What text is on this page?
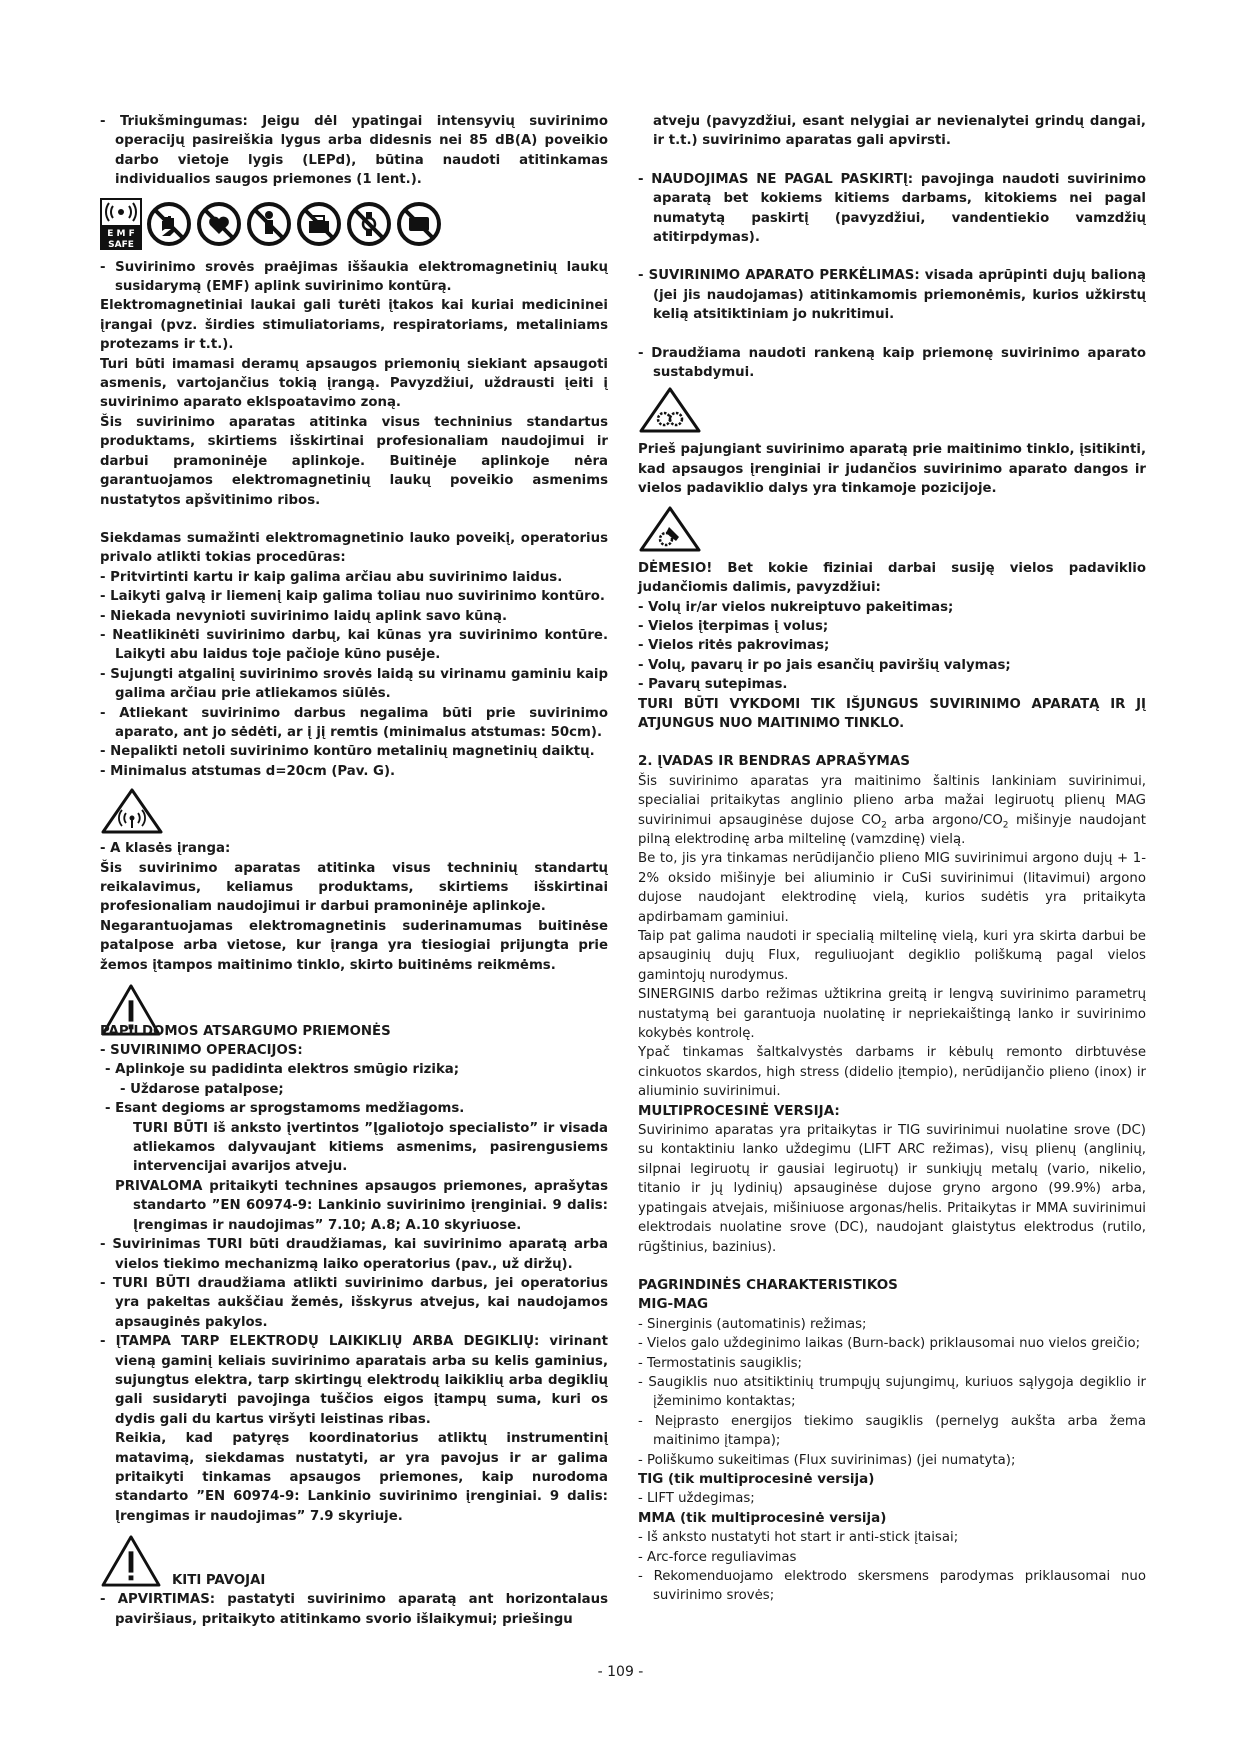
- Triukšmingumas: Jeigu dėl ypatingai intensyvių suvirinimo operacijų pasireiškia lygus arba didesnis nei 85 dB(A) poveikio darbo vietoje lygis (LEPd), būtina naudoti atitinkamas individualios saugos priemones (1 lent.).

E M F
SAFE

- Suvirinimo srovės praėjimas iššaukia elektromagnetinių laukų susidarymą (EMF) aplink suvirinimo kontūrą.

Elektromagnetiniai laukai gali turėti įtakos kai kuriai medicininei įrangai (pvz. širdies stimuliatoriams, respiratoriams, metaliniams protezams ir t.t.).

Turi būti imamasi deramų apsaugos priemonių siekiant apsaugoti asmenis, vartojančius tokią įrangą. Pavyzdžiui, uždrausti įeiti į suvirinimo aparato eklspoatavimo zoną.

Šis suvirinimo aparatas atitinka visus techninius standartus produktams, skirtiems išskirtinai profesionaliam naudojimui ir darbui pramoninėje aplinkoje. Buitinėje aplinkoje nėra garantuojamos elektromagnetinių laukų poveikio asmenims nustatytos apšvitinimo ribos.

Siekdamas sumažinti elektromagnetinio lauko poveikį, operatorius privalo atlikti tokias procedūras:

- Pritvirtinti kartu ir kaip galima arčiau abu suvirinimo laidus.

- Laikyti galvą ir liemenį kaip galima toliau nuo suvirinimo kontūro.

- Niekada nevynioti suvirinimo laidų aplink savo kūną.

- Neatlikinėti suvirinimo darbų, kai kūnas yra suvirinimo kontūre. Laikyti abu laidus toje pačioje kūno pusėje.

- Sujungti atgalinį suvirinimo srovės laidą su virinamu gaminiu kaip galima arčiau prie atliekamos siūlės.

- Atliekant suvirinimo darbus negalima būti prie suvirinimo aparato, ant jo sėdėti, ar į jį remtis (minimalus atstumas: 50cm).

- Nepalikti netoli suvirinimo kontūro metalinių magnetinių daiktų.

- Minimalus atstumas d=20cm (Pav. G).

- A klasės įranga:

Šis suvirinimo aparatas atitinka visus techninių standartų reikalavimus, keliamus produktams, skirtiems išskirtinai profesionaliam naudojimui ir darbui pramoninėje aplinkoje.

Negarantuojamas elektromagnetinis suderinamumas buitinėse patalpose arba vietose, kur įranga yra tiesiogiai prijungta prie žemos įtampos maitinimo tinklo, skirto buitinėms reikmėms.

PAPILDOMOS ATSARGUMO PRIEMONĖS

- SUVIRINIMO OPERACIJOS:

- Aplinkoje su padidinta elektros smūgio rizika;

- Uždarose patalpose;

- Esant degioms ar sprogstamoms medžiagoms.

TURI BŪTI iš anksto įvertintos ”Įgaliotojo specialisto” ir visada atliekamos dalyvaujant kitiems asmenims, pasirengusiems intervencijai avarijos atveju.

PRIVALOMA pritaikyti technines apsaugos priemones, aprašytas standarto ”EN 60974-9: Lankinio suvirinimo įrenginiai. 9 dalis: Įrengimas ir naudojimas” 7.10; A.8; A.10 skyriuose.

- Suvirinimas TURI būti draudžiamas, kai suvirinimo aparatą arba vielos tiekimo mechanizmą laiko operatorius (pav., už diržų).

- TURI BŪTI draudžiama atlikti suvirinimo darbus, jei operatorius yra pakeltas aukščiau žemės, išskyrus atvejus, kai naudojamos apsauginės pakylos.

- ĮTAMPA TARP ELEKTRODŲ LAIKIKLIŲ ARBA DEGIKLIŲ: virinant vieną gaminį keliais suvirinimo aparatais arba su kelis gaminius, sujungtus elektra, tarp skirtingų elektrodų laikiklių arba degiklių gali susidaryti pavojinga tuščios eigos įtampų suma, kuri os dydis gali du kartus viršyti leistinas ribas.

Reikia, kad patyręs koordinatorius atliktų instrumentinį matavimą, siekdamas nustatyti, ar yra pavojus ir ar galima pritaikyti tinkamas apsaugos priemones, kaip nurodoma standarto ”EN 60974-9: Lankinio suvirinimo įrenginiai. 9 dalis: Įrengimas ir naudojimas” 7.9 skyriuje.

KITI PAVOJAI

- APVIRTIMAS: pastatyti suvirinimo aparatą ant horizontalaus paviršiaus, pritaikyto atitinkamo svorio išlaikymui; priešingu

atveju (pavyzdžiui, esant nelygiai ar nevienalytei grindų dangai, ir t.t.) suvirinimo aparatas gali apvirsti.

- NAUDOJIMAS NE PAGAL PASKIRTĮ: pavojinga naudoti suvirinimo aparatą bet kokiems kitiems darbams, kitokiems nei pagal numatytą paskirtį (pavyzdžiui, vandentiekio vamzdžių atitirpdymas).

- SUVIRINIMO APARATO PERKĖLIMAS: visada aprūpinti dujų balioną (jei jis naudojamas) atitinkamomis priemonėmis, kurios užkirstų kelią atsitiktiniam jo nukritimui.

- Draudžiama naudoti rankeną kaip priemonę suvirinimo aparato sustabdymui.

Prieš pajungiant suvirinimo aparatą prie maitinimo tinklo, įsitikinti, kad apsaugos įrenginiai ir judančios suvirinimo aparato dangos ir vielos padaviklio dalys yra tinkamoje pozicijoje.

DĖMESIO! Bet kokie fiziniai darbai susiję vielos padaviklio judančiomis dalimis, pavyzdžiui:

- Volų ir/ar vielos nukreiptuvo pakeitimas;

- Vielos įterpimas į volus;

- Vielos ritės pakrovimas;

- Volų, pavarų ir po jais esančių paviršių valymas;

- Pavarų sutepimas.

TURI BŪTI VYKDOMI TIK IŠJUNGUS SUVIRINIMO APARATĄ IR JĮ ATJUNGUS NUO MAITINIMO TINKLO.

2. ĮVADAS IR BENDRAS APRAŠYMAS

Šis suvirinimo aparatas yra maitinimo šaltinis lankiniam suvirinimui, specialiai pritaikytas anglinio plieno arba mažai legiruotų plienų MAG suvirinimui apsauginėse dujose $CO_2$ arba argono/$CO_2$ mišinyje naudojant pilną elektrodinę arba miltelinę (vamzdinę) vielą.

Be to, jis yra tinkamas nerūdijančio plieno MIG suvirinimui argono dujų + 1-2% oksido mišinyje bei aliuminio ir CuSi suvirinimui (litavimui) argono dujose naudojant elektrodinę vielą, kurios sudėtis yra pritaikyta apdirbamam gaminiui.

Taip pat galima naudoti ir specialią miltelinę vielą, kuri yra skirta darbui be apsauginių dujų Flux, reguliuojant degiklio poliškumą pagal vielos gamintojų nurodymus.

SINERGINIS darbo režimas užtikrina greitą ir lengvą suvirinimo parametrų nustatymą bei garantuoja nuolatinę ir nepriekaištingą lanko ir suvirinimo kokybės kontrolę.

Ypač tinkamas šaltkalvystės darbams ir kėbulų remonto dirbtuvėse cinkuotos skardos, high stress (didelio įtempio), nerūdijančio plieno (inox) ir aliuminio suvirinimui.

MULTIPROCESINĖ VERSIJA:

Suvirinimo aparatas yra pritaikytas ir TIG suvirinimui nuolatine srove (DC) su kontaktiniu lanko uždegimu (LIFT ARC režimas), visų plienų (anglinių, silpnai legiruotų ir gausiai legiruotų) ir sunkiųjų metalų (vario, nikelio, titanio ir jų lydinių) apsauginėse dujose gryno argono (99.9%) arba, ypatingais atvejais, mišiniuose argonas/helis. Pritaikytas ir MMA suvirinimui elektrodais nuolatine srove (DC), naudojant glaistytus elektrodus (rutilo, rūgštinius, bazinius).

PAGRINDINĖS CHARAKTERISTIKOS

MIG-MAG

- Sinerginis (automatinis) režimas;

- Vielos galo uždeginimo laikas (Burn-back) priklausomai nuo vielos greičio;

- Termostatinis saugiklis;

- Saugiklis nuo atsitiktinių trumpųjų sujungimų, kuriuos sąlygoja degiklio ir įžeminimo kontaktas;

- Neįprasto energijos tiekimo saugiklis (pernelyg aukšta arba žema maitinimo įtampa);

- Poliškumo sukeitimas (Flux suvirinimas) (jei numatyta);

TIG (tik multiprocesinė versija)

- LIFT uždegimas;

MMA (tik multiprocesinė versija)

- Iš anksto nustatyti hot start ir anti-stick įtaisai;

- Arc-force reguliavimas

- Rekomenduojamo elektrodo skersmens parodymas priklausomai nuo suvirinimo srovės;

- 109 -
